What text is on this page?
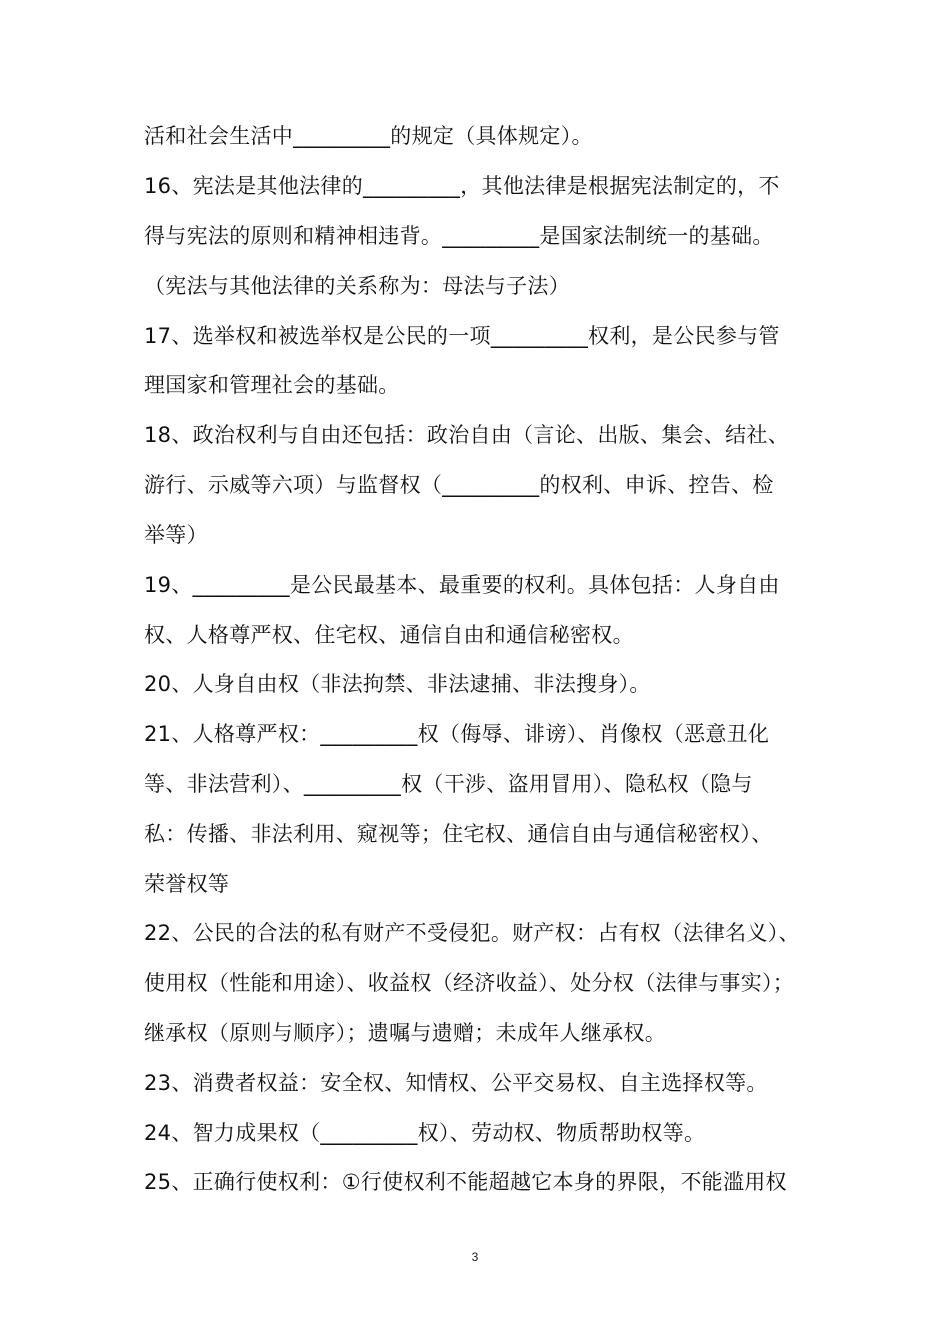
活和社会生活中_________的规定（具体规定）。
16、宪法是其他法律的_________，其他法律是根据宪法制定的，不
得与宪法的原则和精神相违背。_________是国家法制统一的基础。
（宪法与其他法律的关系称为：母法与子法）
17、选举权和被选举权是公民的一项_________权利，是公民参与管
理国家和管理社会的基础。
18、政治权利与自由还包括：政治自由（言论、出版、集会、结社、
游行、示威等六项）与监督权（_________的权利、申诉、控告、检
举等）
19、_________是公民最基本、最重要的权利。具体包括：人身自由
权、人格尊严权、住宅权、通信自由和通信秘密权。
20、人身自由权（非法拘禁、非法逮捕、非法搜身）。
21、人格尊严权：_________权（侮辱、诽谤）、肖像权（恶意丑化
等、非法营利）、_________权（干涉、盗用冒用）、隐私权（隐与
私：传播、非法利用、窥视等；住宅权、通信自由与通信秘密权）、
荣誉权等
22、公民的合法的私有财产不受侵犯。财产权：占有权（法律名义）、
使用权（性能和用途）、收益权（经济收益）、处分权（法律与事实）；
继承权（原则与顺序）；遗嘱与遗赠；未成年人继承权。
23、消费者权益：安全权、知情权、公平交易权、自主选择权等。
24、智力成果权（_________权）、劳动权、物质帮助权等。
25、正确行使权利：①行使权利不能超越它本身的界限，不能滥用权
3
